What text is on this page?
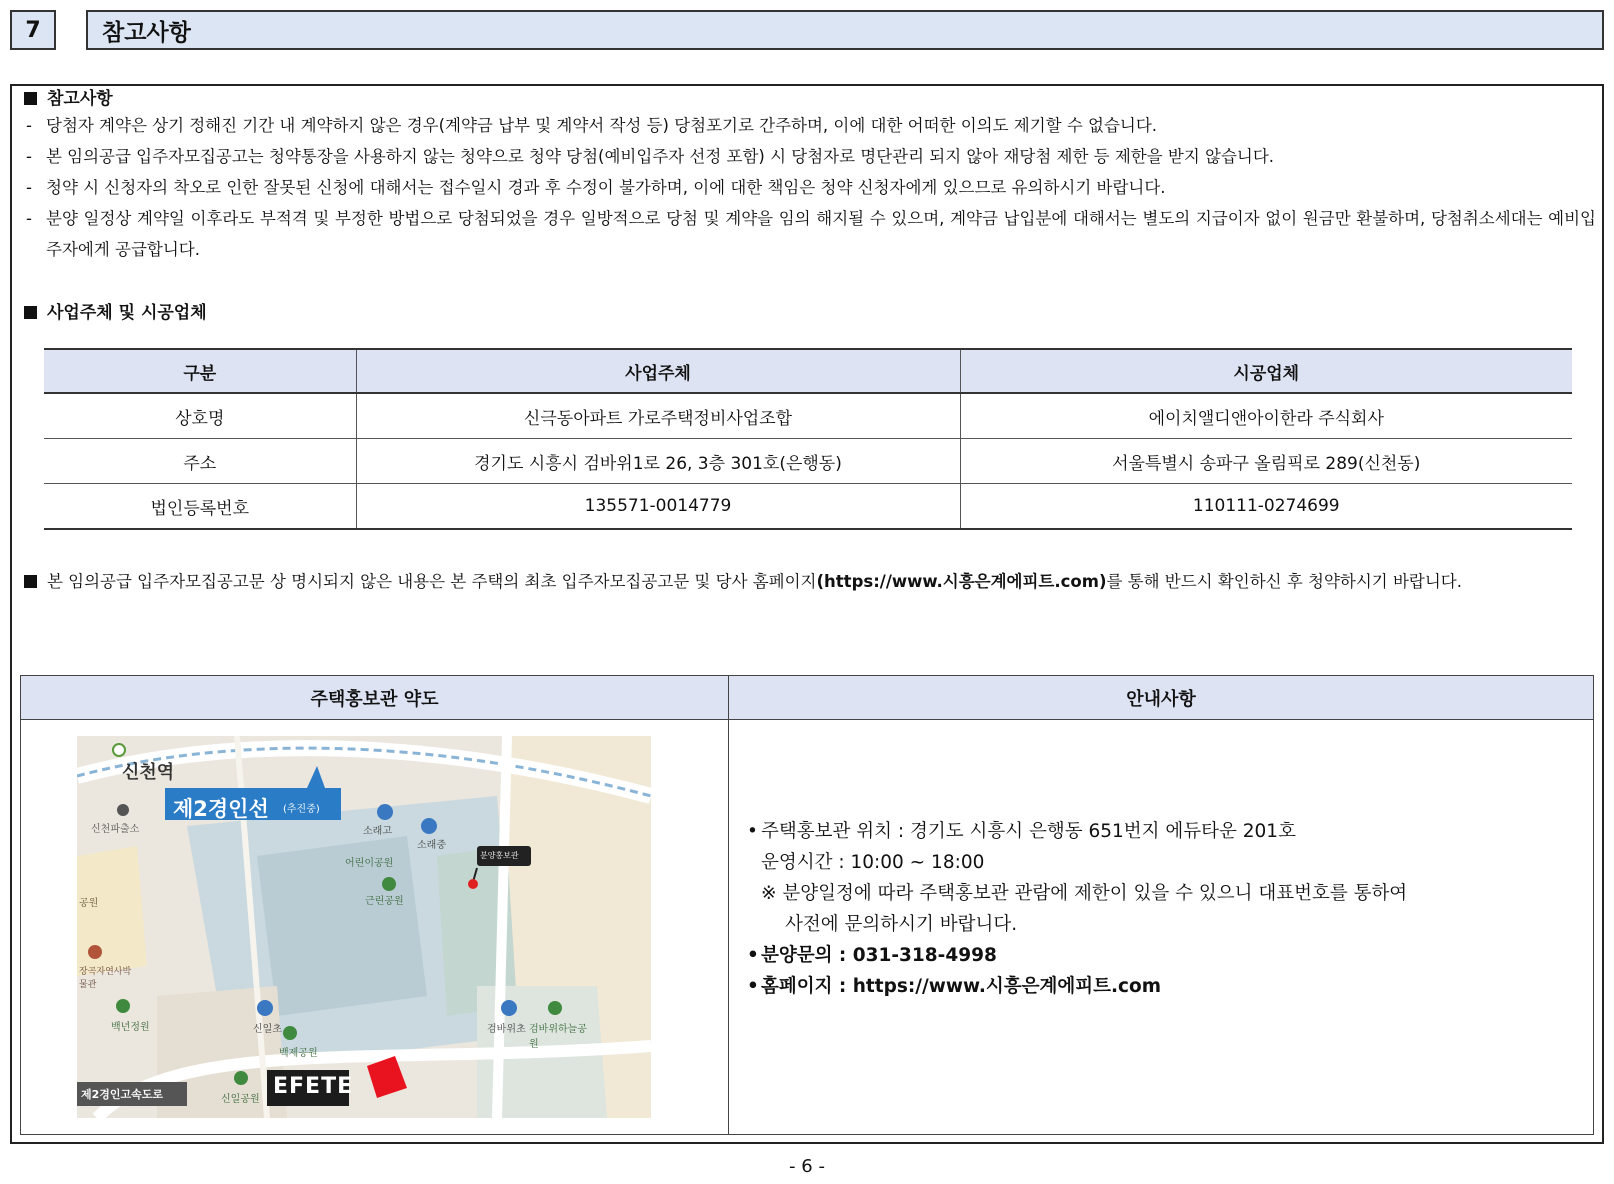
7	참고사항
참고사항
- 당첨자 계약은 상기 정해진 기간 내 계약하지 않은 경우(계약금 납부 및 계약서 작성 등) 당첨포기로 간주하며, 이에 대한 어떠한 이의도 제기할 수 없습니다.
- 본 임의공급 입주자모집공고는 청약통장을 사용하지 않는 청약으로 청약 당첨(예비입주자 선정 포함) 시 당첨자로 명단관리 되지 않아 재당첨 제한 등 제한을 받지 않습니다.
- 청약 시 신청자의 착오로 인한 잘못된 신청에 대해서는 접수일시 경과 후 수정이 불가하며, 이에 대한 책임은 청약 신청자에게 있으므로 유의하시기 바랍니다.
- 분양 일정상 계약일 이후라도 부적격 및 부정한 방법으로 당첨되었을 경우 일방적으로 당첨 및 계약을 임의 해지될 수 있으며, 계약금 납입분에 대해서는 별도의 지급이자 없이 원금만 환불하며, 당첨취소세대는 예비입주자에게 공급합니다.
사업주체 및 시공업체
구분	사업주체	시공업체
상호명	신극동아파트 가로주택정비사업조합	에이치앨디앤아이한라 주식회사
주소	경기도 시흥시 검바위1로 26, 3층 301호(은행동)	서울특별시 송파구 올림픽로 289(신천동)
법인등록번호	135571-0014779	110111-0274699
본 임의공급 입주자모집공고문 상 명시되지 않은 내용은 본 주택의 최초 입주자모집공고문 및 당사 홈페이지(https://www.시흥은계에피트.com)를 통해 반드시 확인하신 후 청약하시기 바랍니다.
주택홍보관 약도	안내사항
신천역
제2경인선 (추진중)
신천파출소	소래고
소래중
어린이공원
근린공원
분양홍보관
신일초
백제공원
백년정원
장곡자연사박물관
검바위초 검바위하늘공원
제2경인고속도로	신일공원
EFETE
공원
• 주택홍보관 위치 : 경기도 시흥시 은행동 651번지 에듀타운 201호
운영시간 : 10:00 ~ 18:00
※ 분양일정에 따라 주택홍보관 관람에 제한이 있을 수 있으니 대표번호를 통하여
사전에 문의하시기 바랍니다.
• 분양문의 : 031-318-4998
• 홈페이지 : https://www.시흥은계에피트.com
- 6 -
